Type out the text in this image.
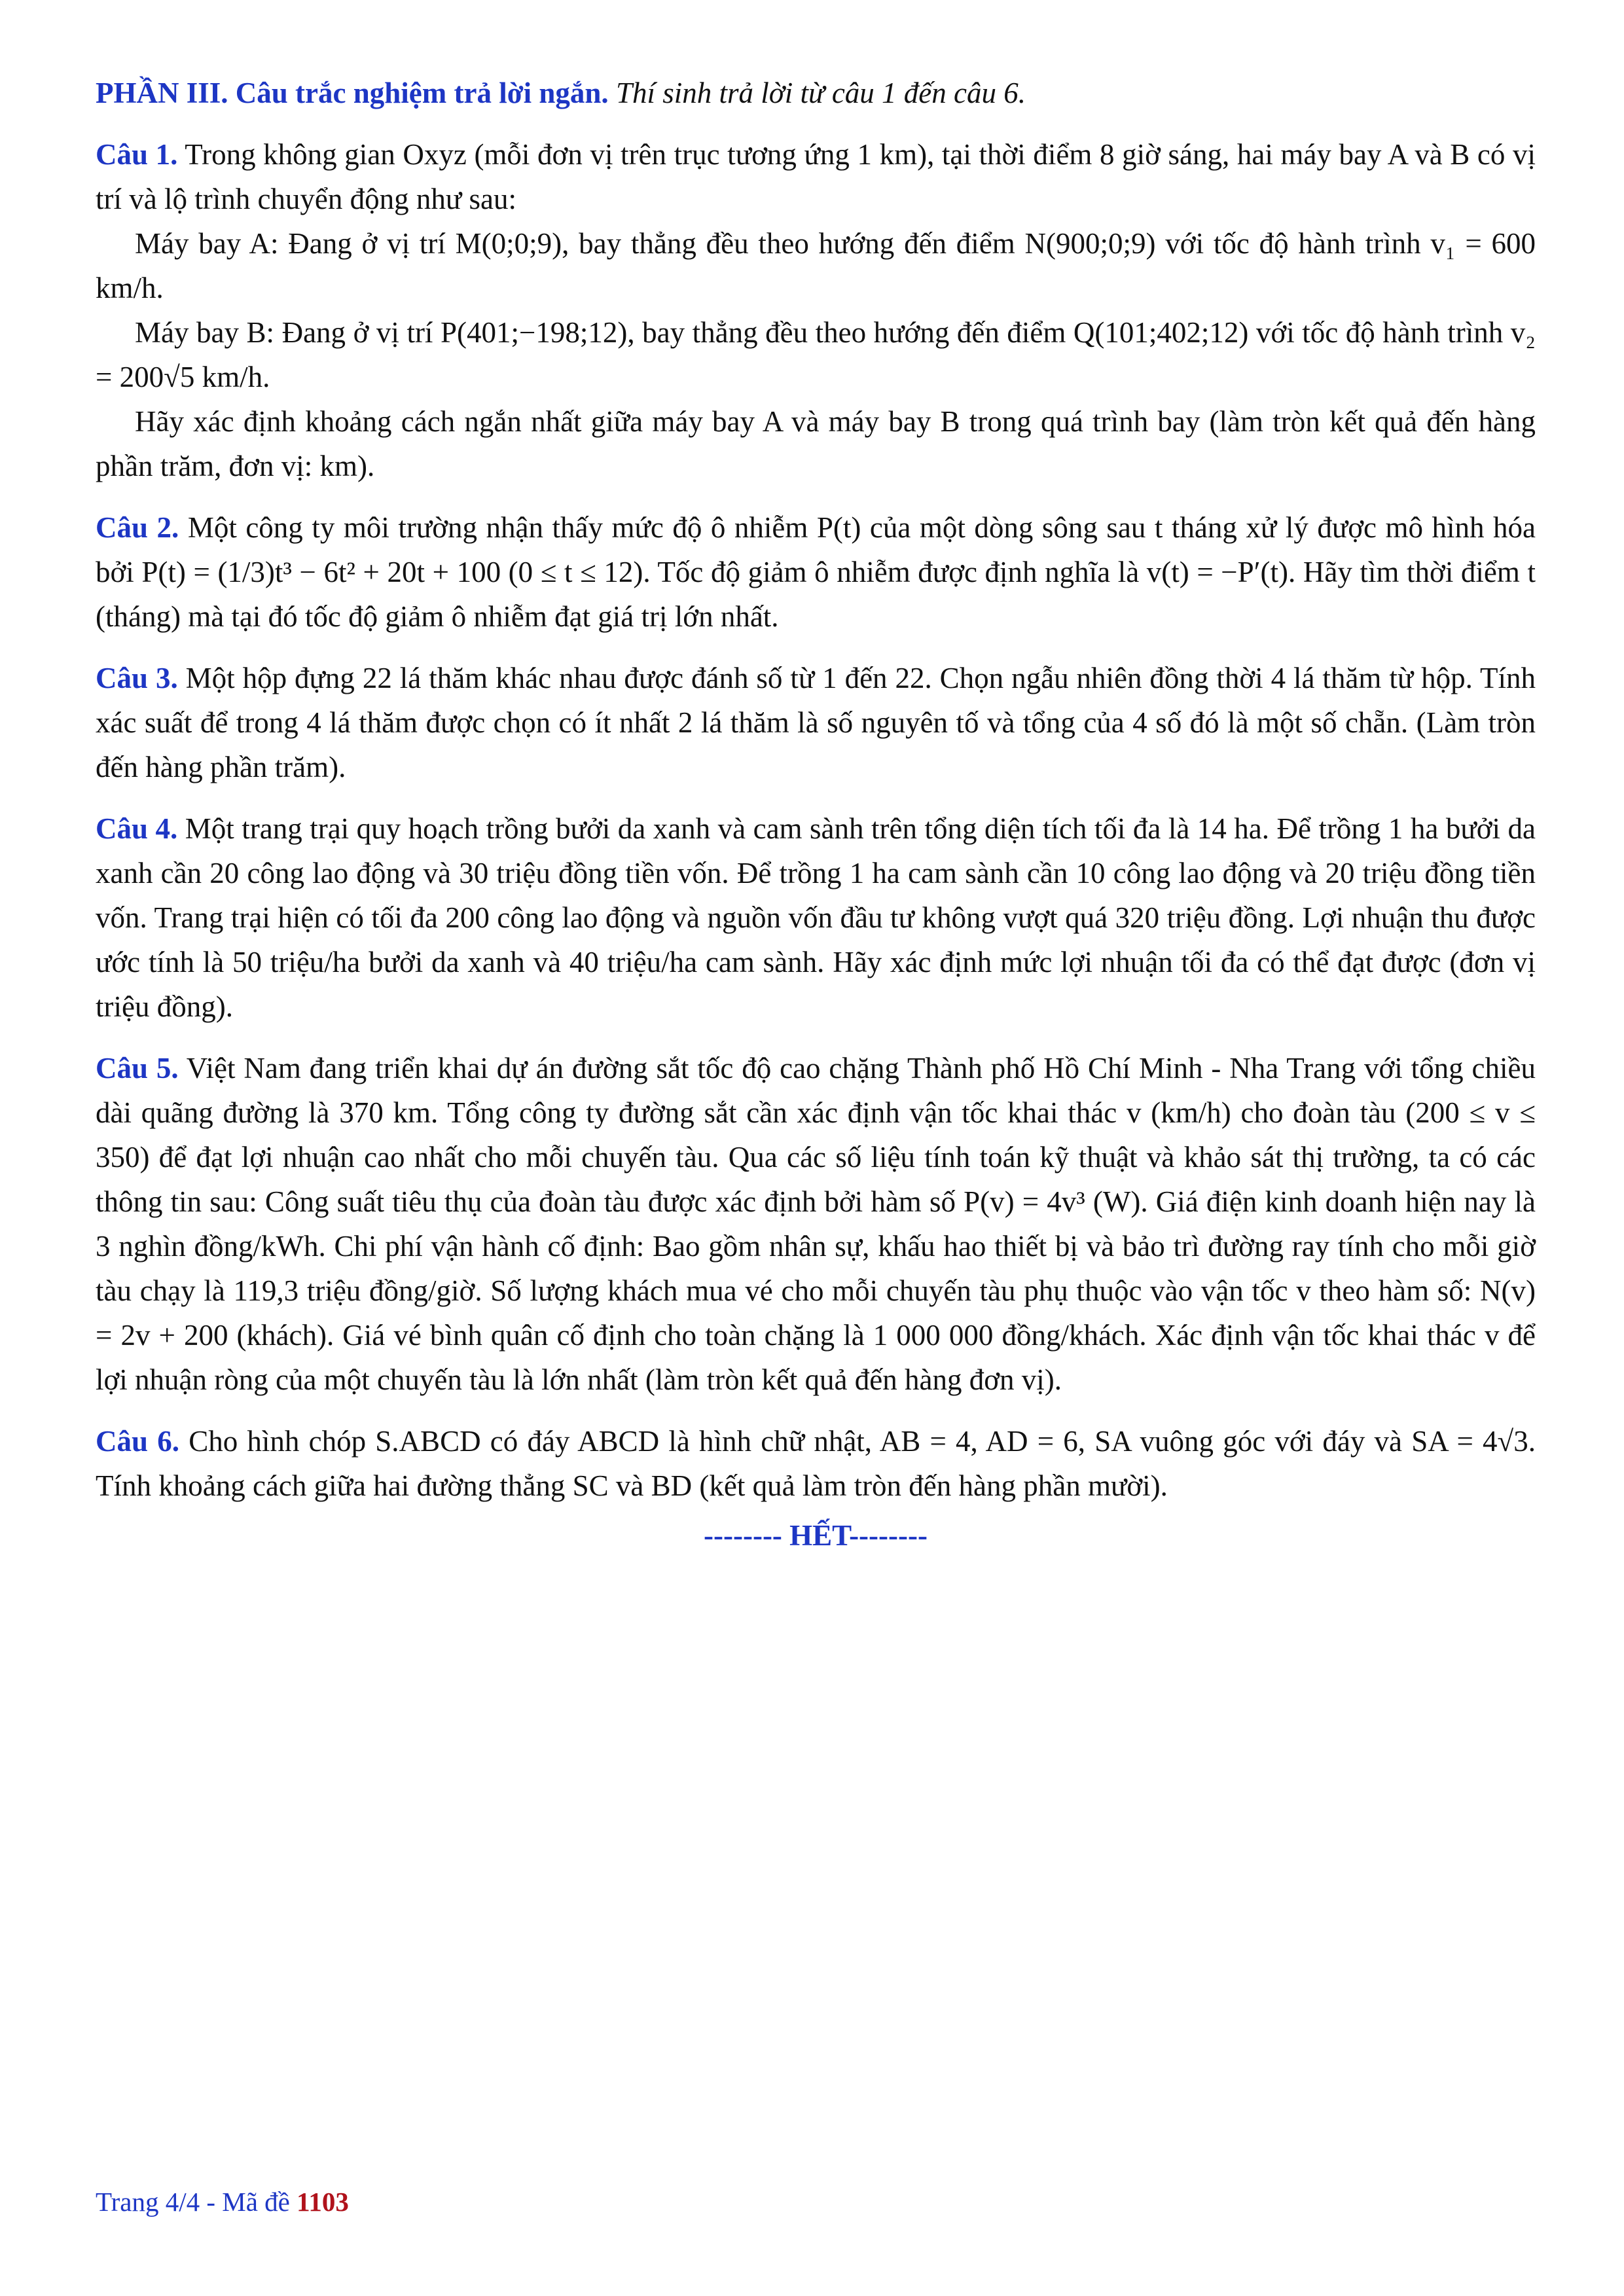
PHẦN III. Câu trắc nghiệm trả lời ngắn. Thí sinh trả lời từ câu 1 đến câu 6.
Câu 1. Trong không gian Oxyz (mỗi đơn vị trên trục tương ứng 1 km), tại thời điểm 8 giờ sáng, hai máy bay A và B có vị trí và lộ trình chuyển động như sau:
Máy bay A: Đang ở vị trí M(0;0;9), bay thẳng đều theo hướng đến điểm N(900;0;9) với tốc độ hành trình v₁ = 600 km/h.
Máy bay B: Đang ở vị trí P(401;−198;12), bay thẳng đều theo hướng đến điểm Q(101;402;12) với tốc độ hành trình v₂ = 200√5 km/h.
Hãy xác định khoảng cách ngắn nhất giữa máy bay A và máy bay B trong quá trình bay (làm tròn kết quả đến hàng phần trăm, đơn vị: km).
Câu 2. Một công ty môi trường nhận thấy mức độ ô nhiễm P(t) của một dòng sông sau t tháng xử lý được mô hình hóa bởi P(t) = (1/3)t³ − 6t² + 20t + 100 (0 ≤ t ≤ 12). Tốc độ giảm ô nhiễm được định nghĩa là v(t) = −P′(t). Hãy tìm thời điểm t (tháng) mà tại đó tốc độ giảm ô nhiễm đạt giá trị lớn nhất.
Câu 3. Một hộp đựng 22 lá thăm khác nhau được đánh số từ 1 đến 22. Chọn ngẫu nhiên đồng thời 4 lá thăm từ hộp. Tính xác suất để trong 4 lá thăm được chọn có ít nhất 2 lá thăm là số nguyên tố và tổng của 4 số đó là một số chẵn. (Làm tròn đến hàng phần trăm).
Câu 4. Một trang trại quy hoạch trồng bưởi da xanh và cam sành trên tổng diện tích tối đa là 14 ha. Để trồng 1 ha bưởi da xanh cần 20 công lao động và 30 triệu đồng tiền vốn. Để trồng 1 ha cam sành cần 10 công lao động và 20 triệu đồng tiền vốn. Trang trại hiện có tối đa 200 công lao động và nguồn vốn đầu tư không vượt quá 320 triệu đồng. Lợi nhuận thu được ước tính là 50 triệu/ha bưởi da xanh và 40 triệu/ha cam sành. Hãy xác định mức lợi nhuận tối đa có thể đạt được (đơn vị triệu đồng).
Câu 5. Việt Nam đang triển khai dự án đường sắt tốc độ cao chặng Thành phố Hồ Chí Minh - Nha Trang với tổng chiều dài quãng đường là 370 km. Tổng công ty đường sắt cần xác định vận tốc khai thác v (km/h) cho đoàn tàu (200 ≤ v ≤ 350) để đạt lợi nhuận cao nhất cho mỗi chuyến tàu. Qua các số liệu tính toán kỹ thuật và khảo sát thị trường, ta có các thông tin sau: Công suất tiêu thụ của đoàn tàu được xác định bởi hàm số P(v) = 4v³ (W). Giá điện kinh doanh hiện nay là 3 nghìn đồng/kWh. Chi phí vận hành cố định: Bao gồm nhân sự, khấu hao thiết bị và bảo trì đường ray tính cho mỗi giờ tàu chạy là 119,3 triệu đồng/giờ. Số lượng khách mua vé cho mỗi chuyến tàu phụ thuộc vào vận tốc v theo hàm số: N(v) = 2v + 200 (khách). Giá vé bình quân cố định cho toàn chặng là 1 000 000 đồng/khách. Xác định vận tốc khai thác v để lợi nhuận ròng của một chuyến tàu là lớn nhất (làm tròn kết quả đến hàng đơn vị).
Câu 6. Cho hình chóp S.ABCD có đáy ABCD là hình chữ nhật, AB = 4, AD = 6, SA vuông góc với đáy và SA = 4√3. Tính khoảng cách giữa hai đường thẳng SC và BD (kết quả làm tròn đến hàng phần mười).
-------- HẾT--------
Trang 4/4 - Mã đề 1103
